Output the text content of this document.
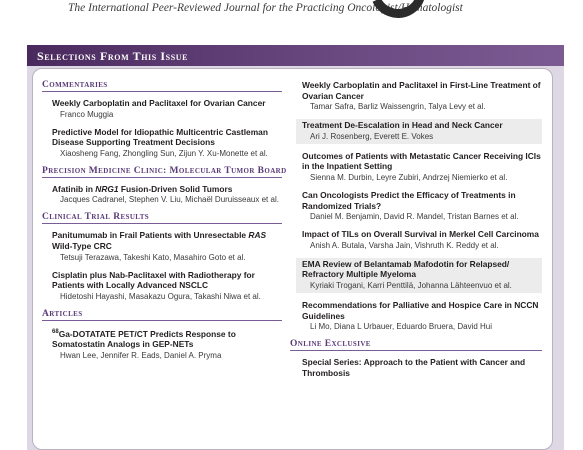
The International Peer-Reviewed Journal for the Practicing Oncologist/Hematologist
Selections From This Issue
Commentaries
Weekly Carboplatin and Paclitaxel for Ovarian Cancer
Franco Muggia
Predictive Model for Idiopathic Multicentric Castleman Disease Supporting Treatment Decisions
Xiaosheng Fang, Zhongling Sun, Zijun Y. Xu-Monette et al.
Precision Medicine Clinic: Molecular Tumor Board
Afatinib in NRG1 Fusion-Driven Solid Tumors
Jacques Cadranel, Stephen V. Liu, Michaël Duruisseaux et al.
Clinical Trial Results
Panitumumab in Frail Patients with Unresectable RAS Wild-Type CRC
Tetsuji Terazawa, Takeshi Kato, Masahiro Goto et al.
Cisplatin plus Nab-Paclitaxel with Radiotherapy for Patients with Locally Advanced NSCLC
Hidetoshi Hayashi, Masakazu Ogura, Takashi Niwa et al.
Articles
$^{68}$Ga-DOTATATE PET/CT Predicts Response to Somatostatin Analogs in GEP-NETs
Hwan Lee, Jennifer R. Eads, Daniel A. Pryma
Weekly Carboplatin and Paclitaxel in First-Line Treatment of Ovarian Cancer
Tamar Safra, Barliz Waissengrin, Talya Levy et al.
Treatment De-Escalation in Head and Neck Cancer
Ari J. Rosenberg, Everett E. Vokes
Outcomes of Patients with Metastatic Cancer Receiving ICIs in the Inpatient Setting
Sienna M. Durbin, Leyre Zubiri, Andrzej Niemierko et al.
Can Oncologists Predict the Efficacy of Treatments in Randomized Trials?
Daniel M. Benjamin, David R. Mandel, Tristan Barnes et al.
Impact of TILs on Overall Survival in Merkel Cell Carcinoma
Anish A. Butala, Varsha Jain, Vishruth K. Reddy et al.
EMA Review of Belantamab Mafodotin for Relapsed/ Refractory Multiple Myeloma
Kyriaki Trogani, Karri Penttilä, Johanna Lähteenvuo et al.
Recommendations for Palliative and Hospice Care in NCCN Guidelines
Li Mo, Diana L Urbauer, Eduardo Bruera, David Hui
Online Exclusive
Special Series: Approach to the Patient with Cancer and Thrombosis
